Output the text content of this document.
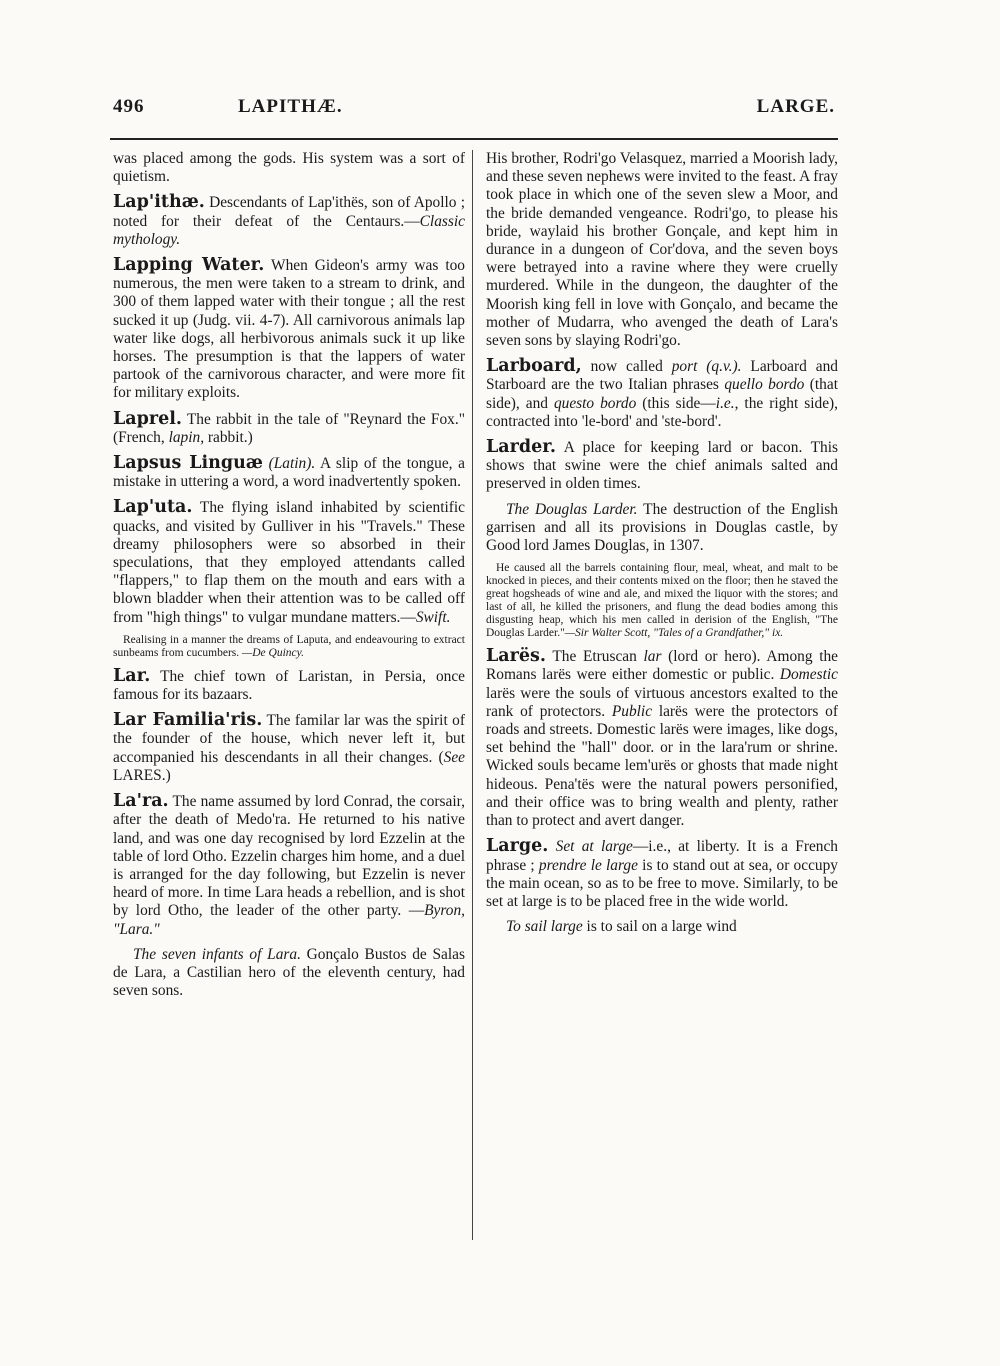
496	LAPITHÆ.	LARGE.

was placed among the gods. His system was a sort of quietism.

Lap'ithæ. Descendants of Lap'ithës, son of Apollo ; noted for their defeat of the Centaurs.—Classic mythology.

Lapping Water. When Gideon's army was too numerous, the men were taken to a stream to drink, and 300 of them lapped water with their tongue ; all the rest sucked it up (Judg. vii. 4-7). All carnivorous animals lap water like dogs, all herbivorous animals suck it up like horses. The presumption is that the lappers of water partook of the carnivorous character, and were more fit for military exploits.

Laprel. The rabbit in the tale of "Reynard the Fox." (French, lapin, rabbit.)

Lapsus Linguæ (Latin). A slip of the tongue, a mistake in uttering a word, a word inadvertently spoken.

Lap'uta. The flying island inhabited by scientific quacks, and visited by Gulliver in his "Travels." These dreamy philosophers were so absorbed in their speculations, that they employed attendants called "flappers," to flap them on the mouth and ears with a blown bladder when their attention was to be called off from "high things" to vulgar mundane matters.—Swift.

Realising in a manner the dreams of Laputa, and endeavouring to extract sunbeams from cucumbers. —De Quincy.

Lar. The chief town of Laristan, in Persia, once famous for its bazaars.

Lar Familia'ris. The familar lar was the spirit of the founder of the house, which never left it, but accompanied his descendants in all their changes. (See LARES.)

La'ra. The name assumed by lord Conrad, the corsair, after the death of Medo'ra. He returned to his native land, and was one day recognised by lord Ezzelin at the table of lord Otho. Ezzelin charges him home, and a duel is arranged for the day following, but Ezzelin is never heard of more. In time Lara heads a rebellion, and is shot by lord Otho, the leader of the other party. —Byron, "Lara."

The seven infants of Lara. Gonçalo Bustos de Salas de Lara, a Castilian hero of the eleventh century, had seven sons.

His brother, Rodri'go Velasquez, married a Moorish lady, and these seven nephews were invited to the feast. A fray took place in which one of the seven slew a Moor, and the bride demanded vengeance. Rodri'go, to please his bride, waylaid his brother Gonçale, and kept him in durance in a dungeon of Cor'dova, and the seven boys were betrayed into a ravine where they were cruelly murdered. While in the dungeon, the daughter of the Moorish king fell in love with Gonçalo, and became the mother of Mudarra, who avenged the death of Lara's seven sons by slaying Rodri'go.

Larboard, now called port (q.v.). Larboard and Starboard are the two Italian phrases quello bordo (that side), and questo bordo (this side—i.e., the right side), contracted into 'le-bord' and 'ste-bord'.

Larder. A place for keeping lard or bacon. This shows that swine were the chief animals salted and preserved in olden times.

The Douglas Larder. The destruction of the English garrisen and all its provisions in Douglas castle, by Good lord James Douglas, in 1307.

He caused all the barrels containing flour, meal, wheat, and malt to be knocked in pieces, and their contents mixed on the floor; then he staved the great hogsheads of wine and ale, and mixed the liquor with the stores; and last of all, he killed the prisoners, and flung the dead bodies among this disgusting heap, which his men called in derision of the English, "The Douglas Larder."—Sir Walter Scott, "Tales of a Grandfather," ix.

Larës. The Etruscan lar (lord or hero). Among the Romans larës were either domestic or public. Domestic larës were the souls of virtuous ancestors exalted to the rank of protectors. Public larës were the protectors of roads and streets. Domestic larës were images, like dogs, set behind the "hall" door. or in the lara'rum or shrine. Wicked souls became lem'urës or ghosts that made night hideous. Pena'tës were the natural powers personified, and their office was to bring wealth and plenty, rather than to protect and avert danger.

Large. Set at large—i.e., at liberty. It is a French phrase ; prendre le large is to stand out at sea, or occupy the main ocean, so as to be free to move. Similarly, to be set at large is to be placed free in the wide world.

To sail large is to sail on a large wind
